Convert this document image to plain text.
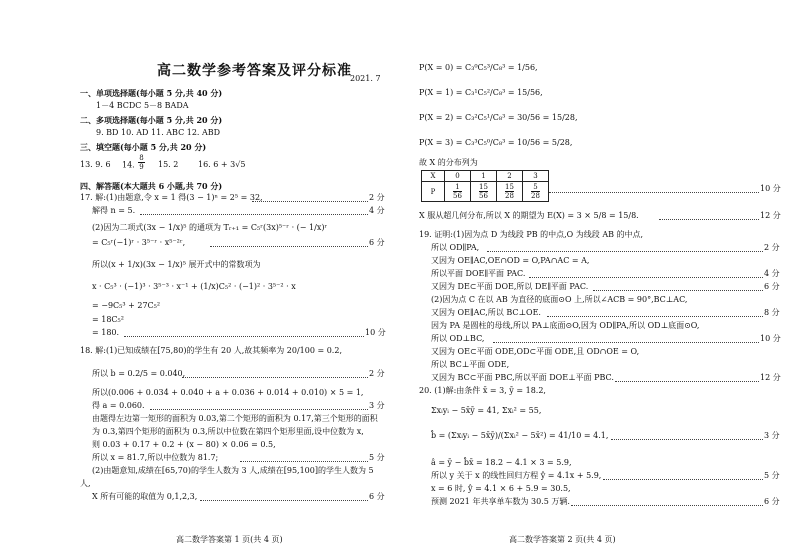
高二数学参考答案及评分标准
2021. 7
一、单项选择题(每小题 5 分,共 40 分)
1－4 BCDC 5－8 BADA
二、多项选择题(每小题 5 分,共 20 分)
9. BD 10. AD 11. ABC 12. ABD
三、填空题(每小题 5 分,共 20 分)
13. 9. 6 14. $\frac{8}{9} 15$. 2 16. 6 + 3√5
四、解答题(本大题共 6 小题,共 70 分)
17. 解:(1)由题意,令 x = 1 得(3 − 1)ⁿ = 2⁵ = 32,	2 分
解得 n = 5.	4 分
(2)因为二项式(3x − 1/x)⁵ 的通项为 Tᵣ₊₁ = C₅ʳ(3x)⁵⁻ʳ · (− 1/x)ʳ
= C₅ʳ(−1)ʳ · 3⁵⁻ʳ · x⁵⁻²ʳ,	6 分
所以(x + 1/x)(3x − 1/x)⁵ 展开式中的常数项为
x · C₅³ · (−1)³ · 3⁵⁻³ · x⁻¹ + (1/x)C₅² · (−1)² · 3⁵⁻² · x
= −9C₅³ + 27C₅²
= 18C₅²
= 180.	10 分
18. 解:(1)已知成绩在[75,80)的学生有 20 人,故其频率为 20/100 = 0.2,
所以 b = 0.2/5 = 0.040,	2 分
所以(0.006 + 0.034 + 0.040 + a + 0.036 + 0.014 + 0.010) × 5 = 1,
得 a = 0.060.	3 分
由题得左边第一矩形的面积为 0.03,第二个矩形的面积为 0.17,第三个矩形的面积
为 0.3,第四个矩形的面积为 0.3,所以中位数在第四个矩形里面,设中位数为 x,
则 0.03 + 0.17 + 0.2 + (x − 80) × 0.06 = 0.5,
所以 x = 81.7,所以中位数为 81.7;	5 分
(2)由题意知,成绩在[65,70)的学生人数为 3 人,成绩在[95,100]的学生人数为 5
人,
X 所有可能的取值为 0,1,2,3,	6 分
高二数学答案第 1 页(共 4 页)
P(X = 0) = C₃⁰C₅³/C₈³ = 1/56,
P(X = 1) = C₃¹C₅²/C₈³ = 15/56,
P(X = 2) = C₃²C₅¹/C₈³ = 30/56 = 15/28,
P(X = 3) = C₃³C₅⁰/C₈³ = 10/56 = 5/28,
故 X 的分布列为
X	0	1	2	3
P	$\frac{1}{56}$	$\frac{15}{56}$	$\frac{15}{28}$	$\frac{5}{28}$	10 分
X 服从超几何分布,所以 X 的期望为 E(X) = 3 × 5/8 = 15/8.	12 分
19. 证明:(1)因为点 D 为线段 PB 的中点,O 为线段 AB 的中点,
所以 OD∥PA,	2 分
又因为 OE∥AC,OE∩OD = O,PA∩AC = A,
所以平面 DOE∥平面 PAC.	4 分
又因为 DE⊂平面 DOE,所以 DE∥平面 PAC.	6 分
(2)因为点 C 在以 AB 为直径的底面⊙O 上,所以∠ACB = 90°,BC⊥AC,
又因为 OE∥AC,所以 BC⊥OE.	8 分
因为 PA 是圆柱的母线,所以 PA⊥底面⊙O,因为 OD∥PA,所以 OD⊥底面⊙O,
所以 OD⊥BC,	10 分
又因为 OE⊂平面 ODE,OD⊂平面 ODE,且 OD∩OE = O,
所以 BC⊥平面 ODE,
又因为 BC⊂平面 PBC,所以平面 DOE⊥平面 PBC.	12 分
20. (1)解:由条件 x̄ = 3, ȳ = 18.2,
Σxᵢyᵢ − 5x̄ȳ = 41, Σxᵢ² = 55,
b̂ = (Σxᵢyᵢ − 5x̄ȳ)/(Σxᵢ² − 5x̄²) = 41/10 = 4.1,	3 分
â = ȳ − b̂x̄ = 18.2 − 4.1 × 3 = 5.9,
所以 y 关于 x 的线性回归方程 ŷ = 4.1x + 5.9,	5 分
x = 6 时, ŷ = 4.1 × 6 + 5.9 = 30.5,
预测 2021 年共享单车数为 30.5 万辆.	6 分
高二数学答案第 2 页(共 4 页)
